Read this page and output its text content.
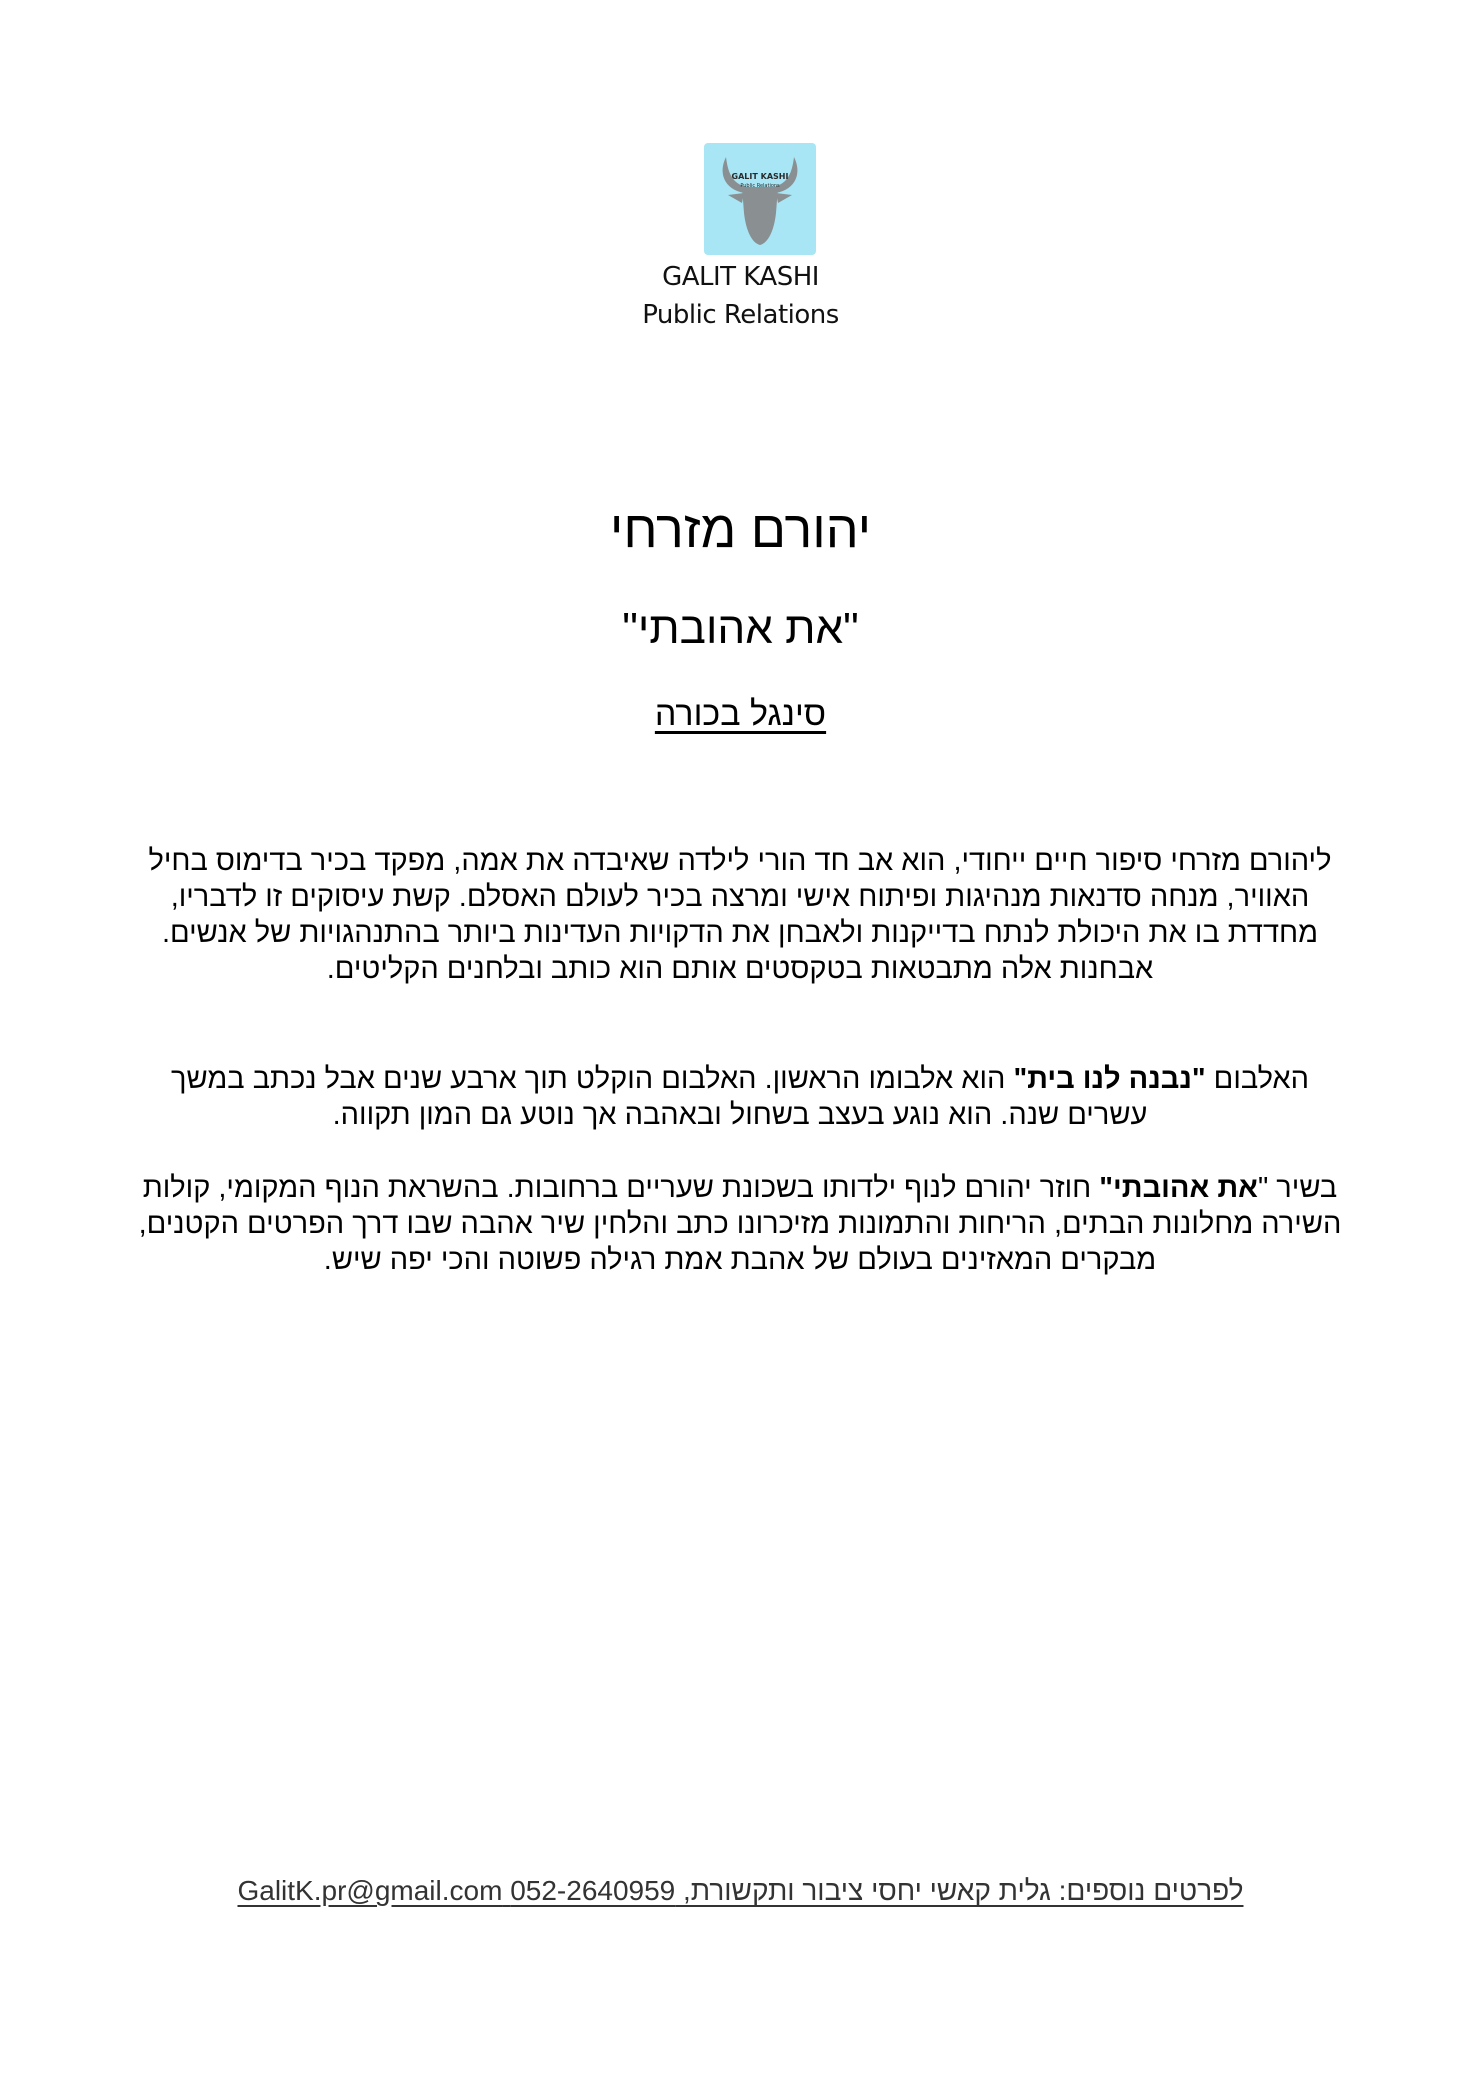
GALIT KASHI
Public Relations
GALIT KASHI
Public Relations
יהורם מזרחי
"את אהובתי"
סינגל בכורה
ליהורם מזרחי סיפור חיים ייחודי, הוא אב חד הורי לילדה שאיבדה את אמה, מפקד בכיר בדימוס בחיל האוויר, מנחה סדנאות מנהיגות ופיתוח אישי ומרצה בכיר לעולם האסלם. קשת עיסוקים זו לדבריו, מחדדת בו את היכולת לנתח בדייקנות ולאבחן את הדקויות העדינות ביותר בהתנהגויות של אנשים. אבחנות אלה מתבטאות בטקסטים אותם הוא כותב ובלחנים הקליטים.
האלבום "נבנה לנו בית" הוא אלבומו הראשון. האלבום הוקלט תוך ארבע שנים אבל נכתב במשך עשרים שנה. הוא נוגע בעצב בשחול ובאהבה אך נוטע גם המון תקווה.
בשיר "את אהובתי" חוזר יהורם לנוף ילדותו בשכונת שעריים ברחובות. בהשראת הנוף המקומי, קולות השירה מחלונות הבתים, הריחות והתמונות מזיכרונו כתב והלחין שיר אהבה שבו דרך הפרטים הקטנים, מבקרים המאזינים בעולם של אהבת אמת רגילה פשוטה והכי יפה שיש.
לפרטים נוספים: גלית קאשי יחסי ציבור ותקשורת, 052-2640959 GalitK.pr@gmail.com
